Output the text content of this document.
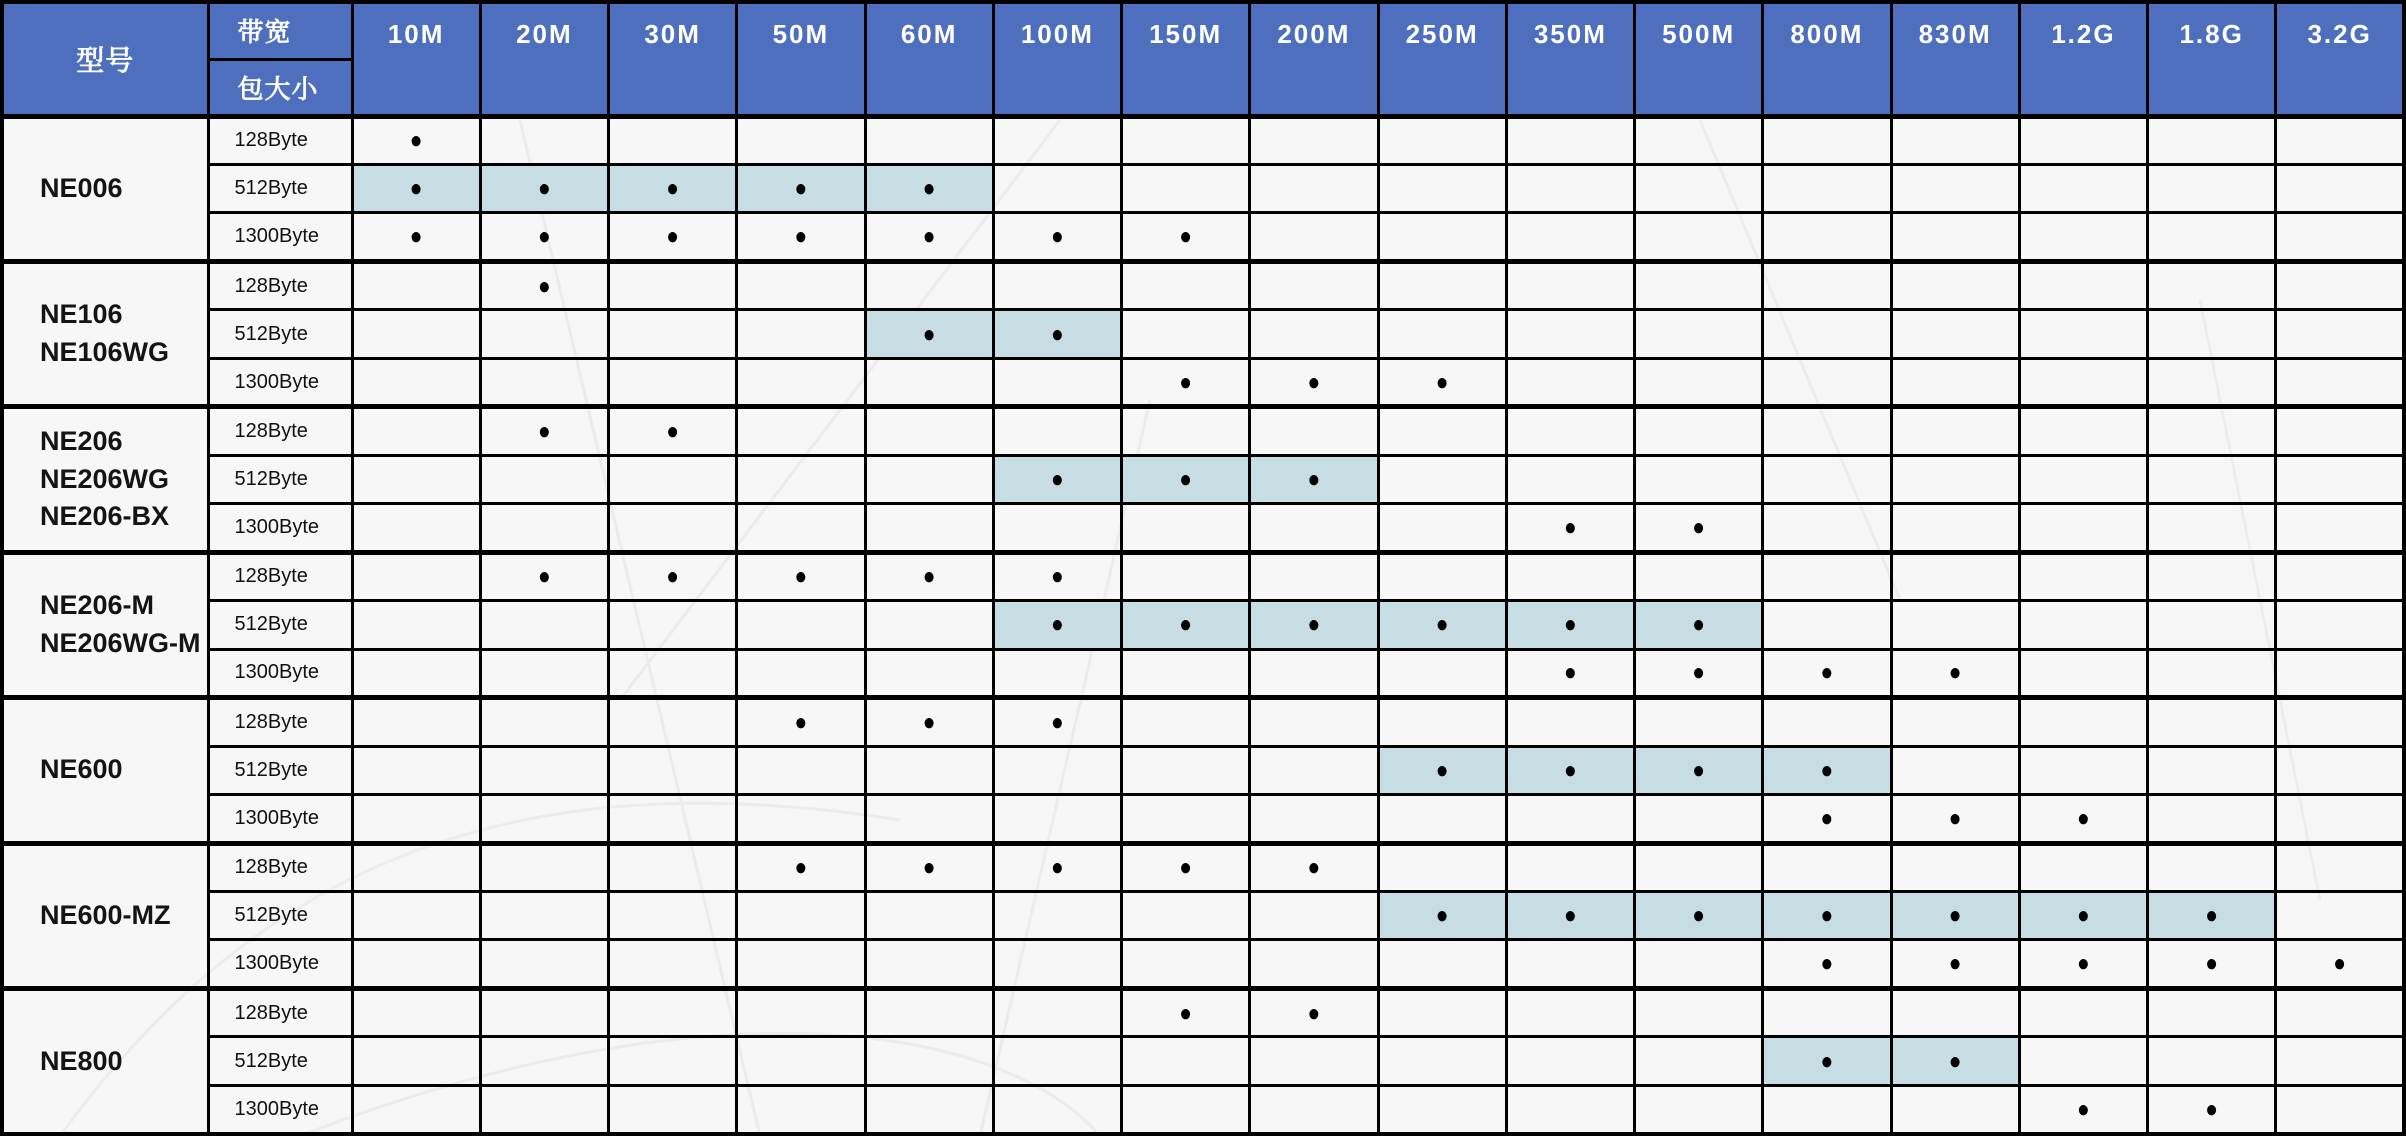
型号	带宽	10M	20M	30M	50M	60M	100M	150M	200M	250M	350M	500M	800M	830M	1.2G	1.8G	3.2G
	包大小																

NE006	128Byte	●															
	512Byte	●	●	●	●	●											
	1300Byte	●	●	●	●	●	●	●									

NE106
NE106WG	128Byte		●														
	512Byte					●	●										
	1300Byte							●	●	●							

NE206
NE206WG
NE206-BX	128Byte		●	●													
	512Byte						●	●	●								
	1300Byte										●	●					

NE206-M
NE206WG-M	128Byte		●	●	●	●	●										
	512Byte						●	●	●	●	●	●					
	1300Byte										●	●	●	●			

NE600	128Byte				●	●	●										
	512Byte									●	●	●	●				
	1300Byte												●	●	●		

NE600-MZ	128Byte				●	●	●	●	●								
	512Byte									●	●	●	●	●	●	●	
	1300Byte												●	●	●	●	●

NE800	128Byte							●	●								
	512Byte												●	●			
	1300Byte														●	●	
